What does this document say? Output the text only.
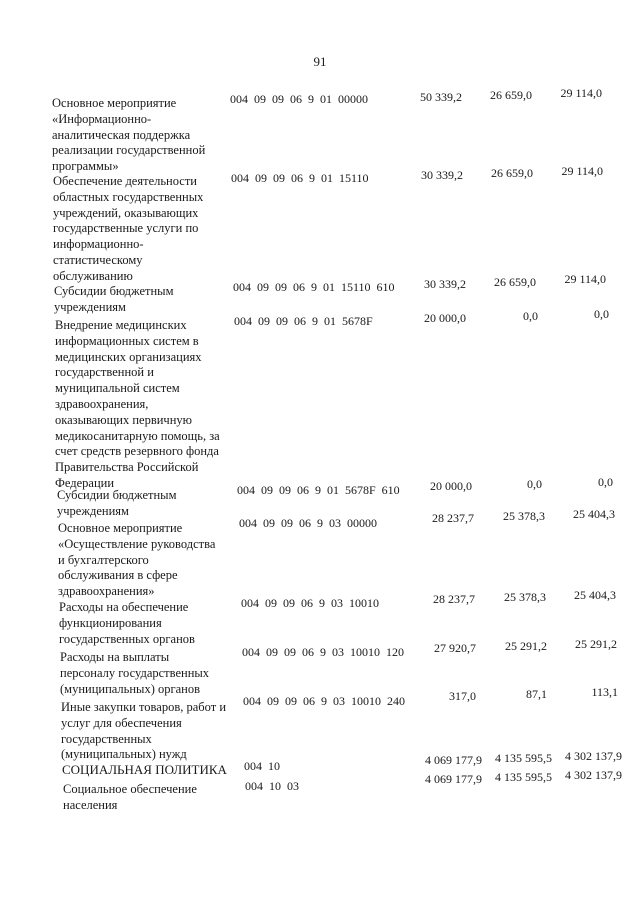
91
Основное мероприятие «Информационно-аналитическая поддержка реализации государственной программы»
004 09 09 06 9 01 00000	50 339,2	26 659,0	29 114,0
Обеспечение деятельности областных государственных учреждений, оказывающих государственные услуги по информационно-статистическому обслуживанию
004 09 09 06 9 01 15110	30 339,2	26 659,0	29 114,0
Субсидии бюджетным учреждениям
004 09 09 06 9 01 15110 610	30 339,2	26 659,0	29 114,0
Внедрение медицинских информационных систем в медицинских организациях государственной и муниципальной систем здравоохранения, оказывающих первичную медикосанитарную помощь, за счет средств резервного фонда Правительства Российской Федерации
004 09 09 06 9 01 5678F	20 000,0	0,0	0,0
Субсидии бюджетным учреждениям
004 09 09 06 9 01 5678F 610	20 000,0	0,0	0,0
Основное мероприятие «Осуществление руководства и бухгалтерского обслуживания в сфере здравоохранения»
004 09 09 06 9 03 00000	28 237,7	25 378,3	25 404,3
Расходы на обеспечение функционирования государственных органов
004 09 09 06 9 03 10010	28 237,7	25 378,3	25 404,3
Расходы на выплаты персоналу государственных (муниципальных) органов
004 09 09 06 9 03 10010 120	27 920,7	25 291,2	25 291,2
Иные закупки товаров, работ и услуг для обеспечения государственных (муниципальных) нужд
004 09 09 06 9 03 10010 240	317,0	87,1	113,1
СОЦИАЛЬНАЯ ПОЛИТИКА	004 10	4 069 177,9	4 135 595,5	4 302 137,9
Социальное обеспечение населения
004 10 03	4 069 177,9	4 135 595,5	4 302 137,9
